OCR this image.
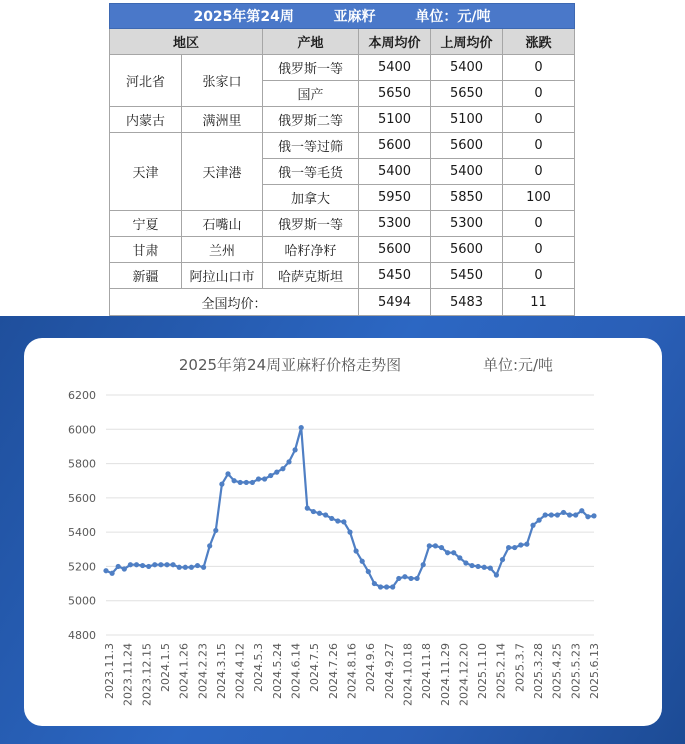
2025年第24周 亚麻籽 单位：元/吨					
地区		产地	本周均价	上周均价	涨跌
河北省	张家口	俄罗斯一等	5400	5400	0
		国产	5650	5650	0
内蒙古	满洲里	俄罗斯二等	5100	5100	0
天津	天津港	俄一等过筛	5600	5600	0
		俄一等毛货	5400	5400	0
		加拿大	5950	5850	100
宁夏	石嘴山	俄罗斯一等	5300	5300	0
甘肃	兰州	哈籽净籽	5600	5600	0
新疆	阿拉山口市	哈萨克斯坦	5450	5450	0
全国均价：			5494	5483	11
2025年第24周亚麻籽价格走势图	单位:元/吨
4800
5000
5200
5400
5600
5800
6000
6200
2023.11.3 2023.11.24 2023.12.15 2024.1.5 2024.1.26 2024.2.23 2024.3.15 2024.4.12 2024.5.3 2024.5.24 2024.6.14 2024.7.5 2024.7.26 2024.8.16 2024.9.6 2024.9.27 2024.10.18 2024.11.8 2024.11.29 2024.12.20 2025.1.10 2025.2.14 2025.3.7 2025.3.28 2025.4.25 2025.5.23 2025.6.13
